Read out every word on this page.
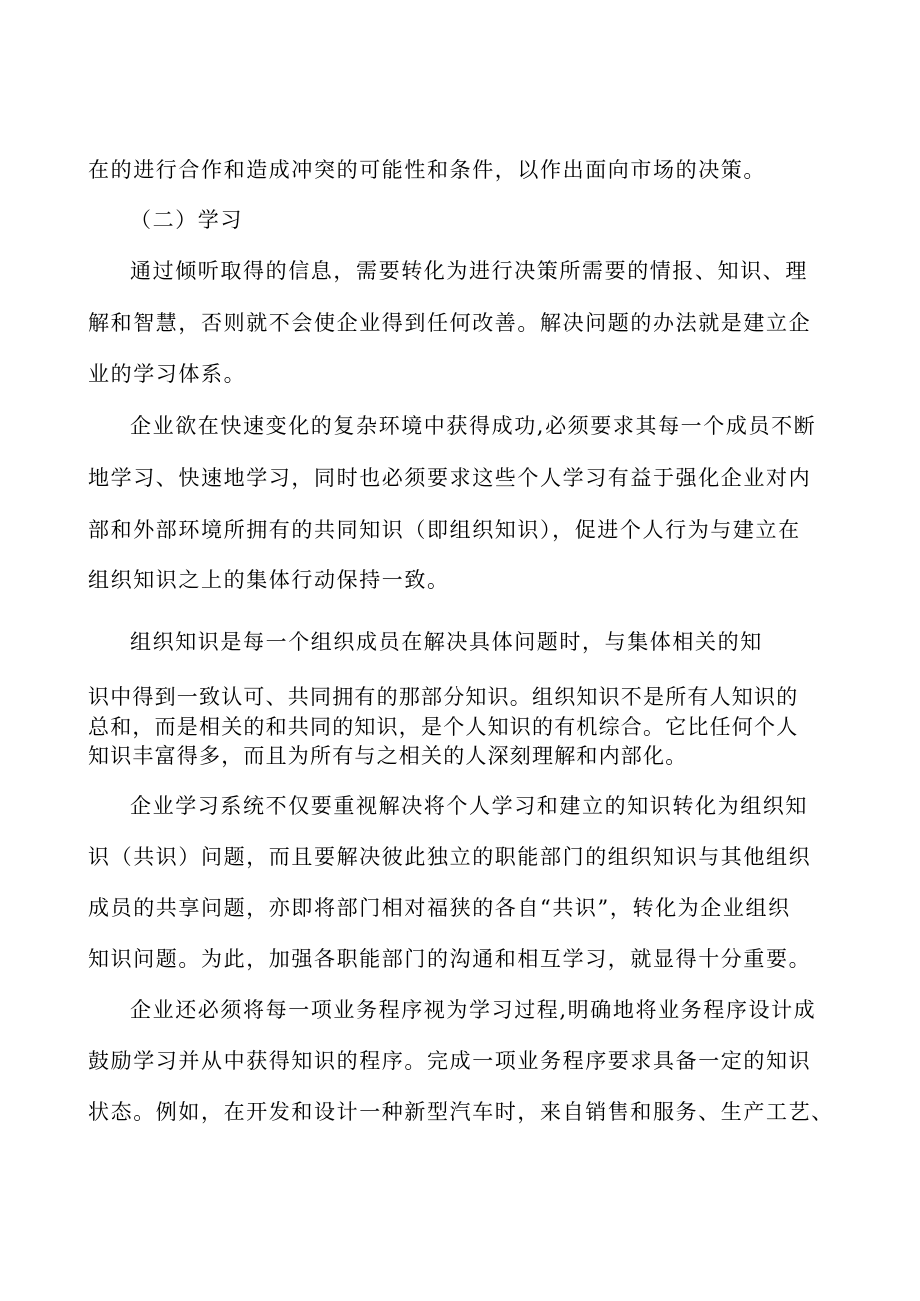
在的进行合作和造成冲突的可能性和条件，以作出面向市场的决策。
（二）学习
通过倾听取得的信息，需要转化为进行决策所需要的情报、知识、理
解和智慧，否则就不会使企业得到任何改善。解决问题的办法就是建立企
业的学习体系。
企业欲在快速变化的复杂环境中获得成功,必须要求其每一个成员不断
地学习、快速地学习，同时也必须要求这些个人学习有益于强化企业对内
部和外部环境所拥有的共同知识（即组织知识），促进个人行为与建立在
组织知识之上的集体行动保持一致。
组织知识是每一个组织成员在解决具体问题时，与集体相关的知
识中得到一致认可、共同拥有的那部分知识。组织知识不是所有人知识的
总和，而是相关的和共同的知识，是个人知识的有机综合。它比任何个人
知识丰富得多，而且为所有与之相关的人深刻理解和内部化。
企业学习系统不仅要重视解决将个人学习和建立的知识转化为组织知
识（共识）问题，而且要解决彼此独立的职能部门的组织知识与其他组织
成员的共享问题，亦即将部门相对福狭的各自“共识”，转化为企业组织
知识问题。为此，加强各职能部门的沟通和相互学习，就显得十分重要。
企业还必须将每一项业务程序视为学习过程,明确地将业务程序设计成
鼓励学习并从中获得知识的程序。完成一项业务程序要求具备一定的知识
状态。例如，在开发和设计一种新型汽车时，来自销售和服务、生产工艺、
